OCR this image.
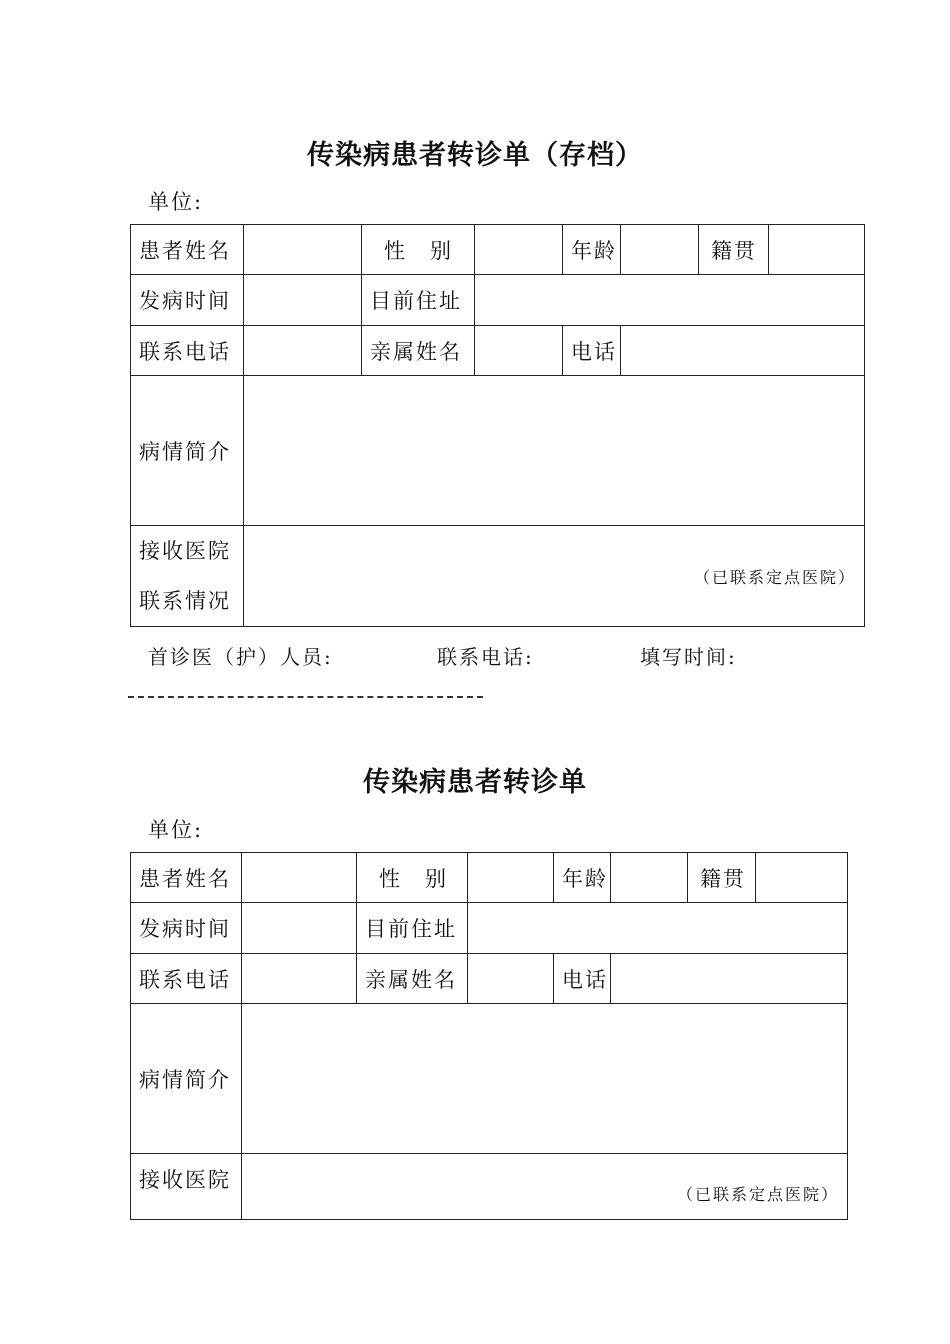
传染病患者转诊单（存档）
单位:
患者姓名		性　别		年龄		籍贯	
发病时间		目前住址					
联系电话		亲属姓名		电话			
病情简介							

接收医院
联系情况	（已联系定点医院）						
首诊医（护）人员:	联系电话:	填写时间:
传染病患者转诊单
单位:
患者姓名		性　别		年龄		籍贯	
发病时间		目前住址					
联系电话		亲属姓名		电话			
病情简介							
接收医院	（已联系定点医院）						
